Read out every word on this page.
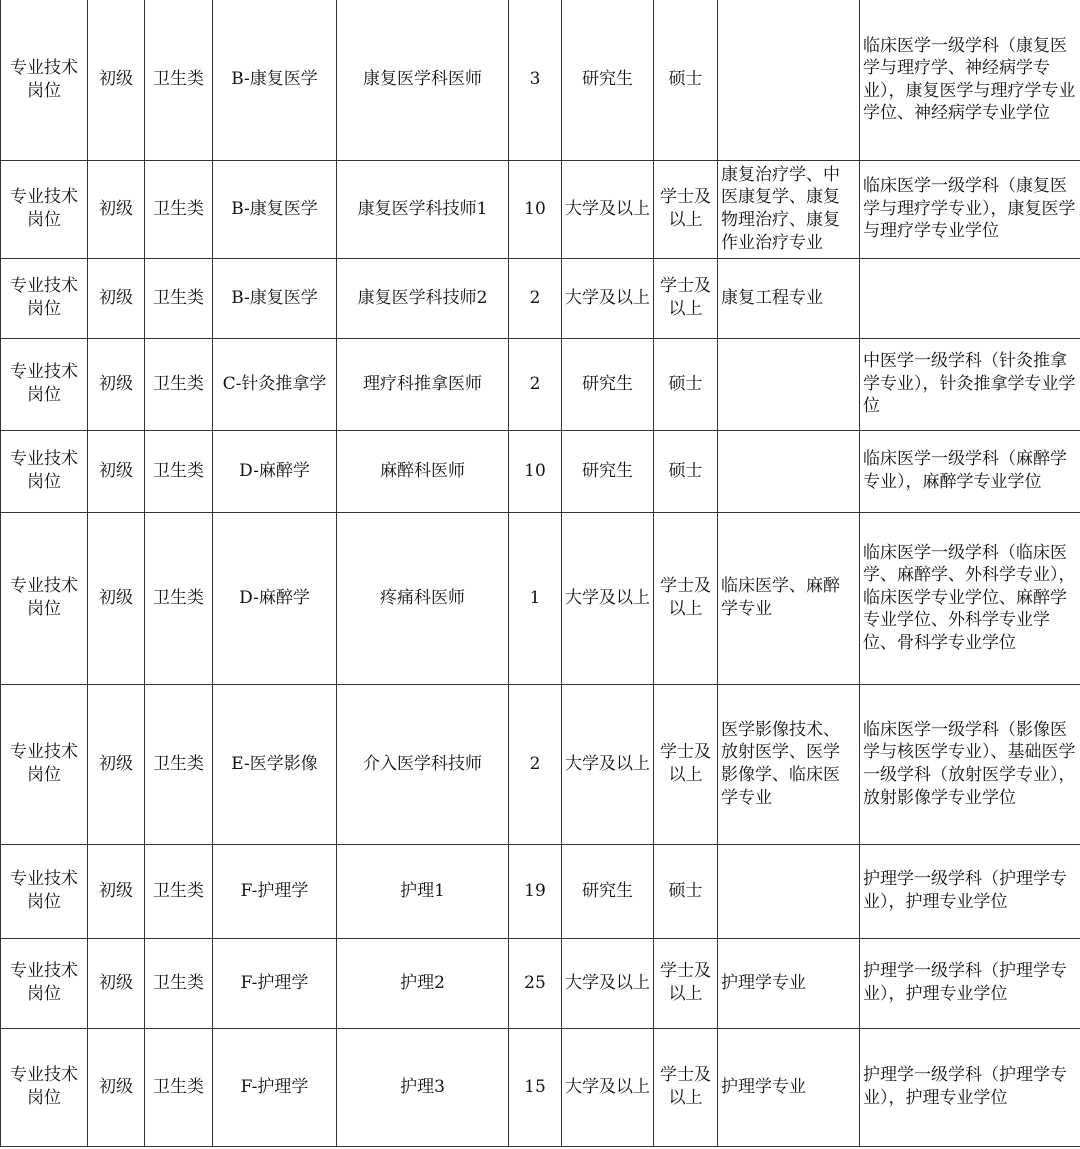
专业技术岗位	初级	卫生类	B-康复医学	康复医学科医师	3	研究生	硕士		临床医学一级学科（康复医学与理疗学、神经病学专业），康复医学与理疗学专业学位、神经病学专业学位
专业技术岗位	初级	卫生类	B-康复医学	康复医学科技师1	10	大学及以上	学士及以上	康复治疗学、中医康复学、康复物理治疗、康复作业治疗专业	临床医学一级学科（康复医学与理疗学专业），康复医学与理疗学专业学位
专业技术岗位	初级	卫生类	B-康复医学	康复医学科技师2	2	大学及以上	学士及以上	康复工程专业	
专业技术岗位	初级	卫生类	C-针灸推拿学	理疗科推拿医师	2	研究生	硕士		中医学一级学科（针灸推拿学专业），针灸推拿学专业学位
专业技术岗位	初级	卫生类	D-麻醉学	麻醉科医师	10	研究生	硕士		临床医学一级学科（麻醉学专业），麻醉学专业学位
专业技术岗位	初级	卫生类	D-麻醉学	疼痛科医师	1	大学及以上	学士及以上	临床医学、麻醉学专业	临床医学一级学科（临床医学、麻醉学、外科学专业），临床医学专业学位、麻醉学专业学位、外科学专业学位、骨科学专业学位
专业技术岗位	初级	卫生类	E-医学影像	介入医学科技师	2	大学及以上	学士及以上	医学影像技术、放射医学、医学影像学、临床医学专业	临床医学一级学科（影像医学与核医学专业）、基础医学一级学科（放射医学专业），放射影像学专业学位
专业技术岗位	初级	卫生类	F-护理学	护理1	19	研究生	硕士		护理学一级学科（护理学专业），护理专业学位
专业技术岗位	初级	卫生类	F-护理学	护理2	25	大学及以上	学士及以上	护理学专业	护理学一级学科（护理学专业），护理专业学位
专业技术岗位	初级	卫生类	F-护理学	护理3	15	大学及以上	学士及以上	护理学专业	护理学一级学科（护理学专业），护理专业学位
